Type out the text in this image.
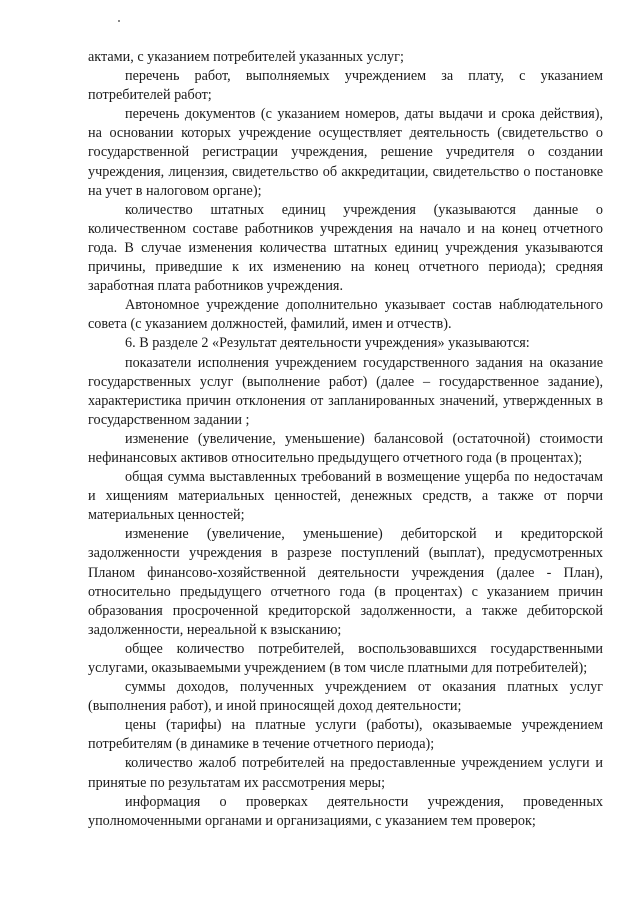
актами, с указанием потребителей указанных услуг;

перечень работ, выполняемых учреждением за плату, с указанием потребителей работ;

перечень документов (с указанием номеров, даты выдачи и срока действия), на основании которых учреждение осуществляет деятельность (свидетельство о государственной регистрации учреждения, решение учредителя о создании учреждения, лицензия, свидетельство об аккредитации, свидетельство о постановке на учет в налоговом органе);

количество штатных единиц учреждения (указываются данные о количественном составе работников учреждения на начало и на конец отчетного года. В случае изменения количества штатных единиц учреждения указываются причины, приведшие к их изменению на конец отчетного периода); средняя заработная плата работников учреждения.

Автономное учреждение дополнительно указывает состав наблюдательного совета (с указанием должностей, фамилий, имен и отчеств).

6. В разделе 2 «Результат деятельности учреждения» указываются:

показатели исполнения учреждением государственного задания на оказание государственных услуг (выполнение работ) (далее – государственное задание), характеристика причин отклонения от запланированных значений, утвержденных в государственном задании ;

изменение (увеличение, уменьшение) балансовой (остаточной) стоимости нефинансовых активов относительно предыдущего отчетного года (в процентах);

общая сумма выставленных требований в возмещение ущерба по недостачам и хищениям материальных ценностей, денежных средств, а также от порчи материальных ценностей;

изменение (увеличение, уменьшение) дебиторской и кредиторской задолженности учреждения в разрезе поступлений (выплат), предусмотренных Планом финансово-хозяйственной деятельности учреждения (далее - План), относительно предыдущего отчетного года (в процентах) с указанием причин образования просроченной кредиторской задолженности, а также дебиторской задолженности, нереальной к взысканию;

общее количество потребителей, воспользовавшихся государственными услугами, оказываемыми учреждением (в том числе платными для потребителей);

суммы доходов, полученных учреждением от оказания платных услуг (выполнения работ), и иной приносящей доход деятельности;

цены (тарифы) на платные услуги (работы), оказываемые учреждением потребителям (в динамике в течение отчетного периода);

количество жалоб потребителей на предоставленные учреждением услуги и принятые по результатам их рассмотрения меры;

информация о проверках деятельности учреждения, проведенных уполномоченными органами и организациями, с указанием тем проверок;
